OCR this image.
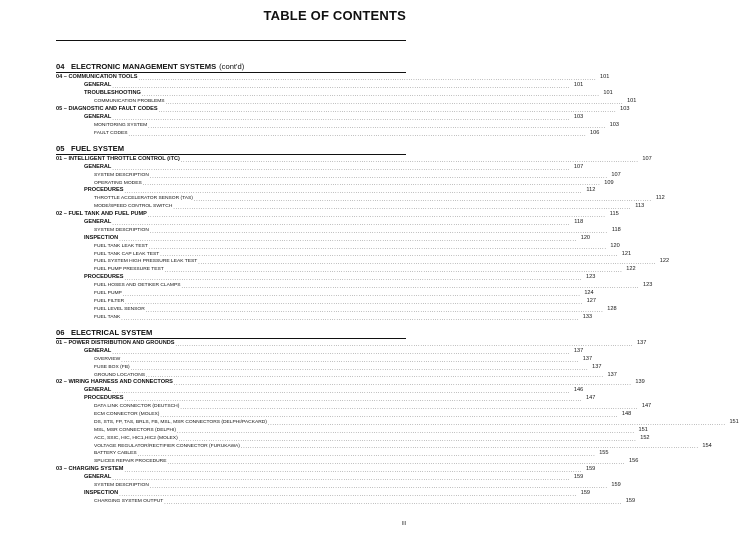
TABLE OF CONTENTS
04 ELECTRONIC MANAGEMENT SYSTEMS (cont'd)
04 – COMMUNICATION TOOLS ........................................................................................................................................................................................................ 101
GENERAL ........................................................................................................................................................................................................ 101
TROUBLESHOOTING ........................................................................................................................................................................................................ 101
COMMUNICATION PROBLEMS ........................................................................................................................................................................................................ 101
05 – DIAGNOSTIC AND FAULT CODES ........................................................................................................................................................................................................ 103
GENERAL ........................................................................................................................................................................................................ 103
MONITORING SYSTEM ........................................................................................................................................................................................................ 103
FAULT CODES ........................................................................................................................................................................................................ 106
05 FUEL SYSTEM
01 – INTELLIGENT THROTTLE CONTROL (iTC) ........................................................................................................................................................................................................ 107
GENERAL ........................................................................................................................................................................................................ 107
SYSTEM DESCRIPTION ........................................................................................................................................................................................................ 107
OPERATING MODES ........................................................................................................................................................................................................ 109
PROCEDURES ........................................................................................................................................................................................................ 112
THROTTLE ACCELERATOR SENSOR (TAS) ........................................................................................................................................................................................................ 112
MODE/SPEED CONTROL SWITCH ........................................................................................................................................................................................................ 113
02 – FUEL TANK AND FUEL PUMP ........................................................................................................................................................................................................ 115
GENERAL ........................................................................................................................................................................................................ 118
SYSTEM DESCRIPTION ........................................................................................................................................................................................................ 118
INSPECTION ........................................................................................................................................................................................................ 120
FUEL TANK LEAK TEST ........................................................................................................................................................................................................ 120
FUEL TANK CAP LEAK TEST ........................................................................................................................................................................................................ 121
FUEL SYSTEM HIGH PRESSURE LEAK TEST ........................................................................................................................................................................................................ 122
FUEL PUMP PRESSURE TEST ........................................................................................................................................................................................................ 122
PROCEDURES ........................................................................................................................................................................................................ 123
FUEL HOSES AND OETIKER CLAMPS ........................................................................................................................................................................................................ 123
FUEL PUMP ........................................................................................................................................................................................................ 124
FUEL FILTER ........................................................................................................................................................................................................ 127
FUEL LEVEL SENSOR ........................................................................................................................................................................................................ 128
FUEL TANK ........................................................................................................................................................................................................ 133
06 ELECTRICAL SYSTEM
01 – POWER DISTRIBUTION AND GROUNDS ........................................................................................................................................................................................................ 137
GENERAL ........................................................................................................................................................................................................ 137
OVERVIEW ........................................................................................................................................................................................................ 137
FUSE BOX (FB) ........................................................................................................................................................................................................ 137
GROUND LOCATIONS ........................................................................................................................................................................................................ 137
02 – WIRING HARNESS AND CONNECTORS ........................................................................................................................................................................................................ 139
GENERAL ........................................................................................................................................................................................................ 146
PROCEDURES ........................................................................................................................................................................................................ 147
DATA LINK CONNECTOR (DEUTSCH) ........................................................................................................................................................................................................ 147
ECM CONNECTOR (MOLEX) ........................................................................................................................................................................................................ 148
DS, STS, FP, TAS, BRLS, FB, MSL, MSR CONNECTORS (DELPHI/PACKARD) ........................................................................................................................................................................................................ 151
MSL, MSR CONNECTORS (DELPHI) ........................................................................................................................................................................................................ 151
ACC, SSIC, HIC, HIC1,HIC2 (MOLEX) ........................................................................................................................................................................................................ 152
VOLTAGE REGULATOR/RECTIFIER CONNECTOR (FURUKAWA) ........................................................................................................................................................................................................ 154
BATTERY CABLES ........................................................................................................................................................................................................ 155
SPLICES REPAIR PROCEDURE ........................................................................................................................................................................................................ 156
03 – CHARGING SYSTEM ........................................................................................................................................................................................................ 159
GENERAL ........................................................................................................................................................................................................ 159
SYSTEM DESCRIPTION ........................................................................................................................................................................................................ 159
INSPECTION ........................................................................................................................................................................................................ 159
CHARGING SYSTEM OUTPUT ........................................................................................................................................................................................................ 159
III
